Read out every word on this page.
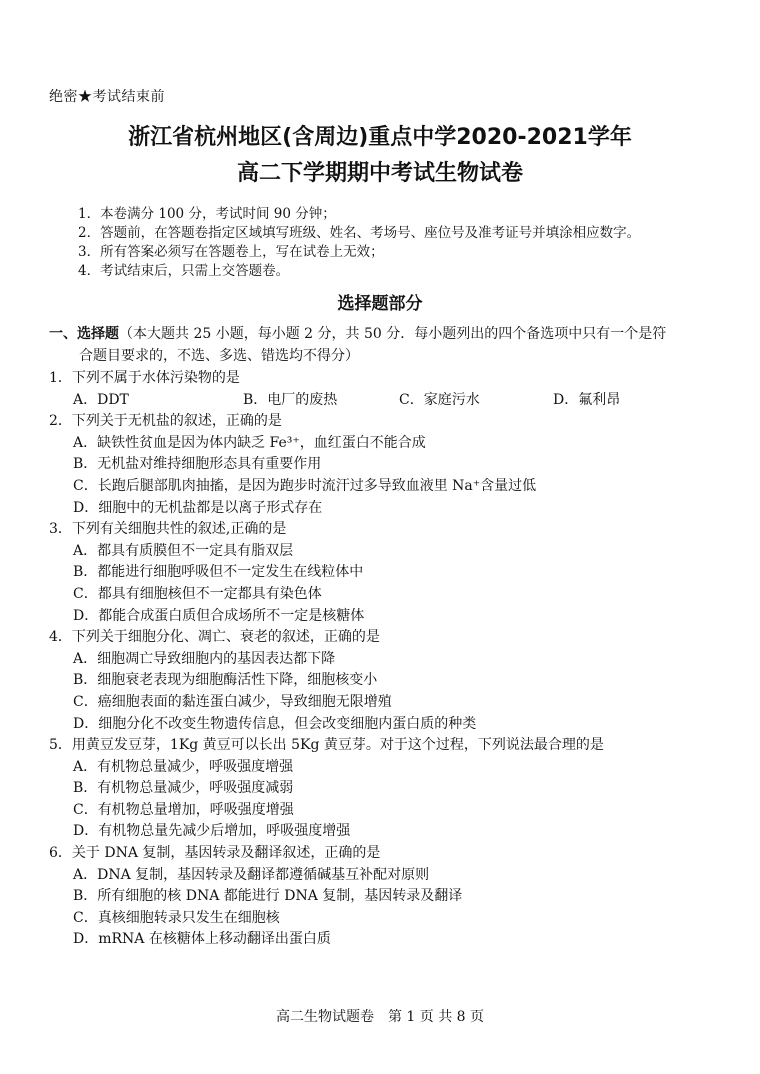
绝密★考试结束前
浙江省杭州地区(含周边)重点中学2020-2021学年
高二下学期期中考试生物试卷
1．本卷满分 100 分，考试时间 90 分钟；
2．答题前，在答题卷指定区域填写班级、姓名、考场号、座位号及准考证号并填涂相应数字。
3．所有答案必须写在答题卷上，写在试卷上无效；
4．考试结束后，只需上交答题卷。
选择题部分
一、选择题（本大题共 25 小题，每小题 2 分，共 50 分．每小题列出的四个备选项中只有一个是符
合题目要求的，不选、多选、错选均不得分）
1．下列不属于水体污染物的是
A．DDT	B．电厂的废热	C．家庭污水	D．氟利昂
2．下列关于无机盐的叙述，正确的是
A．缺铁性贫血是因为体内缺乏 Fe³⁺，血红蛋白不能合成
B．无机盐对维持细胞形态具有重要作用
C．长跑后腿部肌肉抽搐，是因为跑步时流汗过多导致血液里 Na⁺含量过低
D．细胞中的无机盐都是以离子形式存在
3．下列有关细胞共性的叙述,正确的是
A．都具有质膜但不一定具有脂双层
B．都能进行细胞呼吸但不一定发生在线粒体中
C．都具有细胞核但不一定都具有染色体
D．都能合成蛋白质但合成场所不一定是核糖体
4．下列关于细胞分化、凋亡、衰老的叙述，正确的是
A．细胞凋亡导致细胞内的基因表达都下降
B．细胞衰老表现为细胞酶活性下降，细胞核变小
C．癌细胞表面的黏连蛋白减少，导致细胞无限增殖
D．细胞分化不改变生物遗传信息，但会改变细胞内蛋白质的种类
5．用黄豆发豆芽，1Kg 黄豆可以长出 5Kg 黄豆芽。对于这个过程，下列说法最合理的是
A．有机物总量减少，呼吸强度增强
B．有机物总量减少，呼吸强度减弱
C．有机物总量增加，呼吸强度增强
D．有机物总量先减少后增加，呼吸强度增强
6．关于 DNA 复制，基因转录及翻译叙述，正确的是
A．DNA 复制，基因转录及翻译都遵循碱基互补配对原则
B．所有细胞的核 DNA 都能进行 DNA 复制，基因转录及翻译
C．真核细胞转录只发生在细胞核
D．mRNA 在核糖体上移动翻译出蛋白质
高二生物试题卷　第 1 页 共 8 页
